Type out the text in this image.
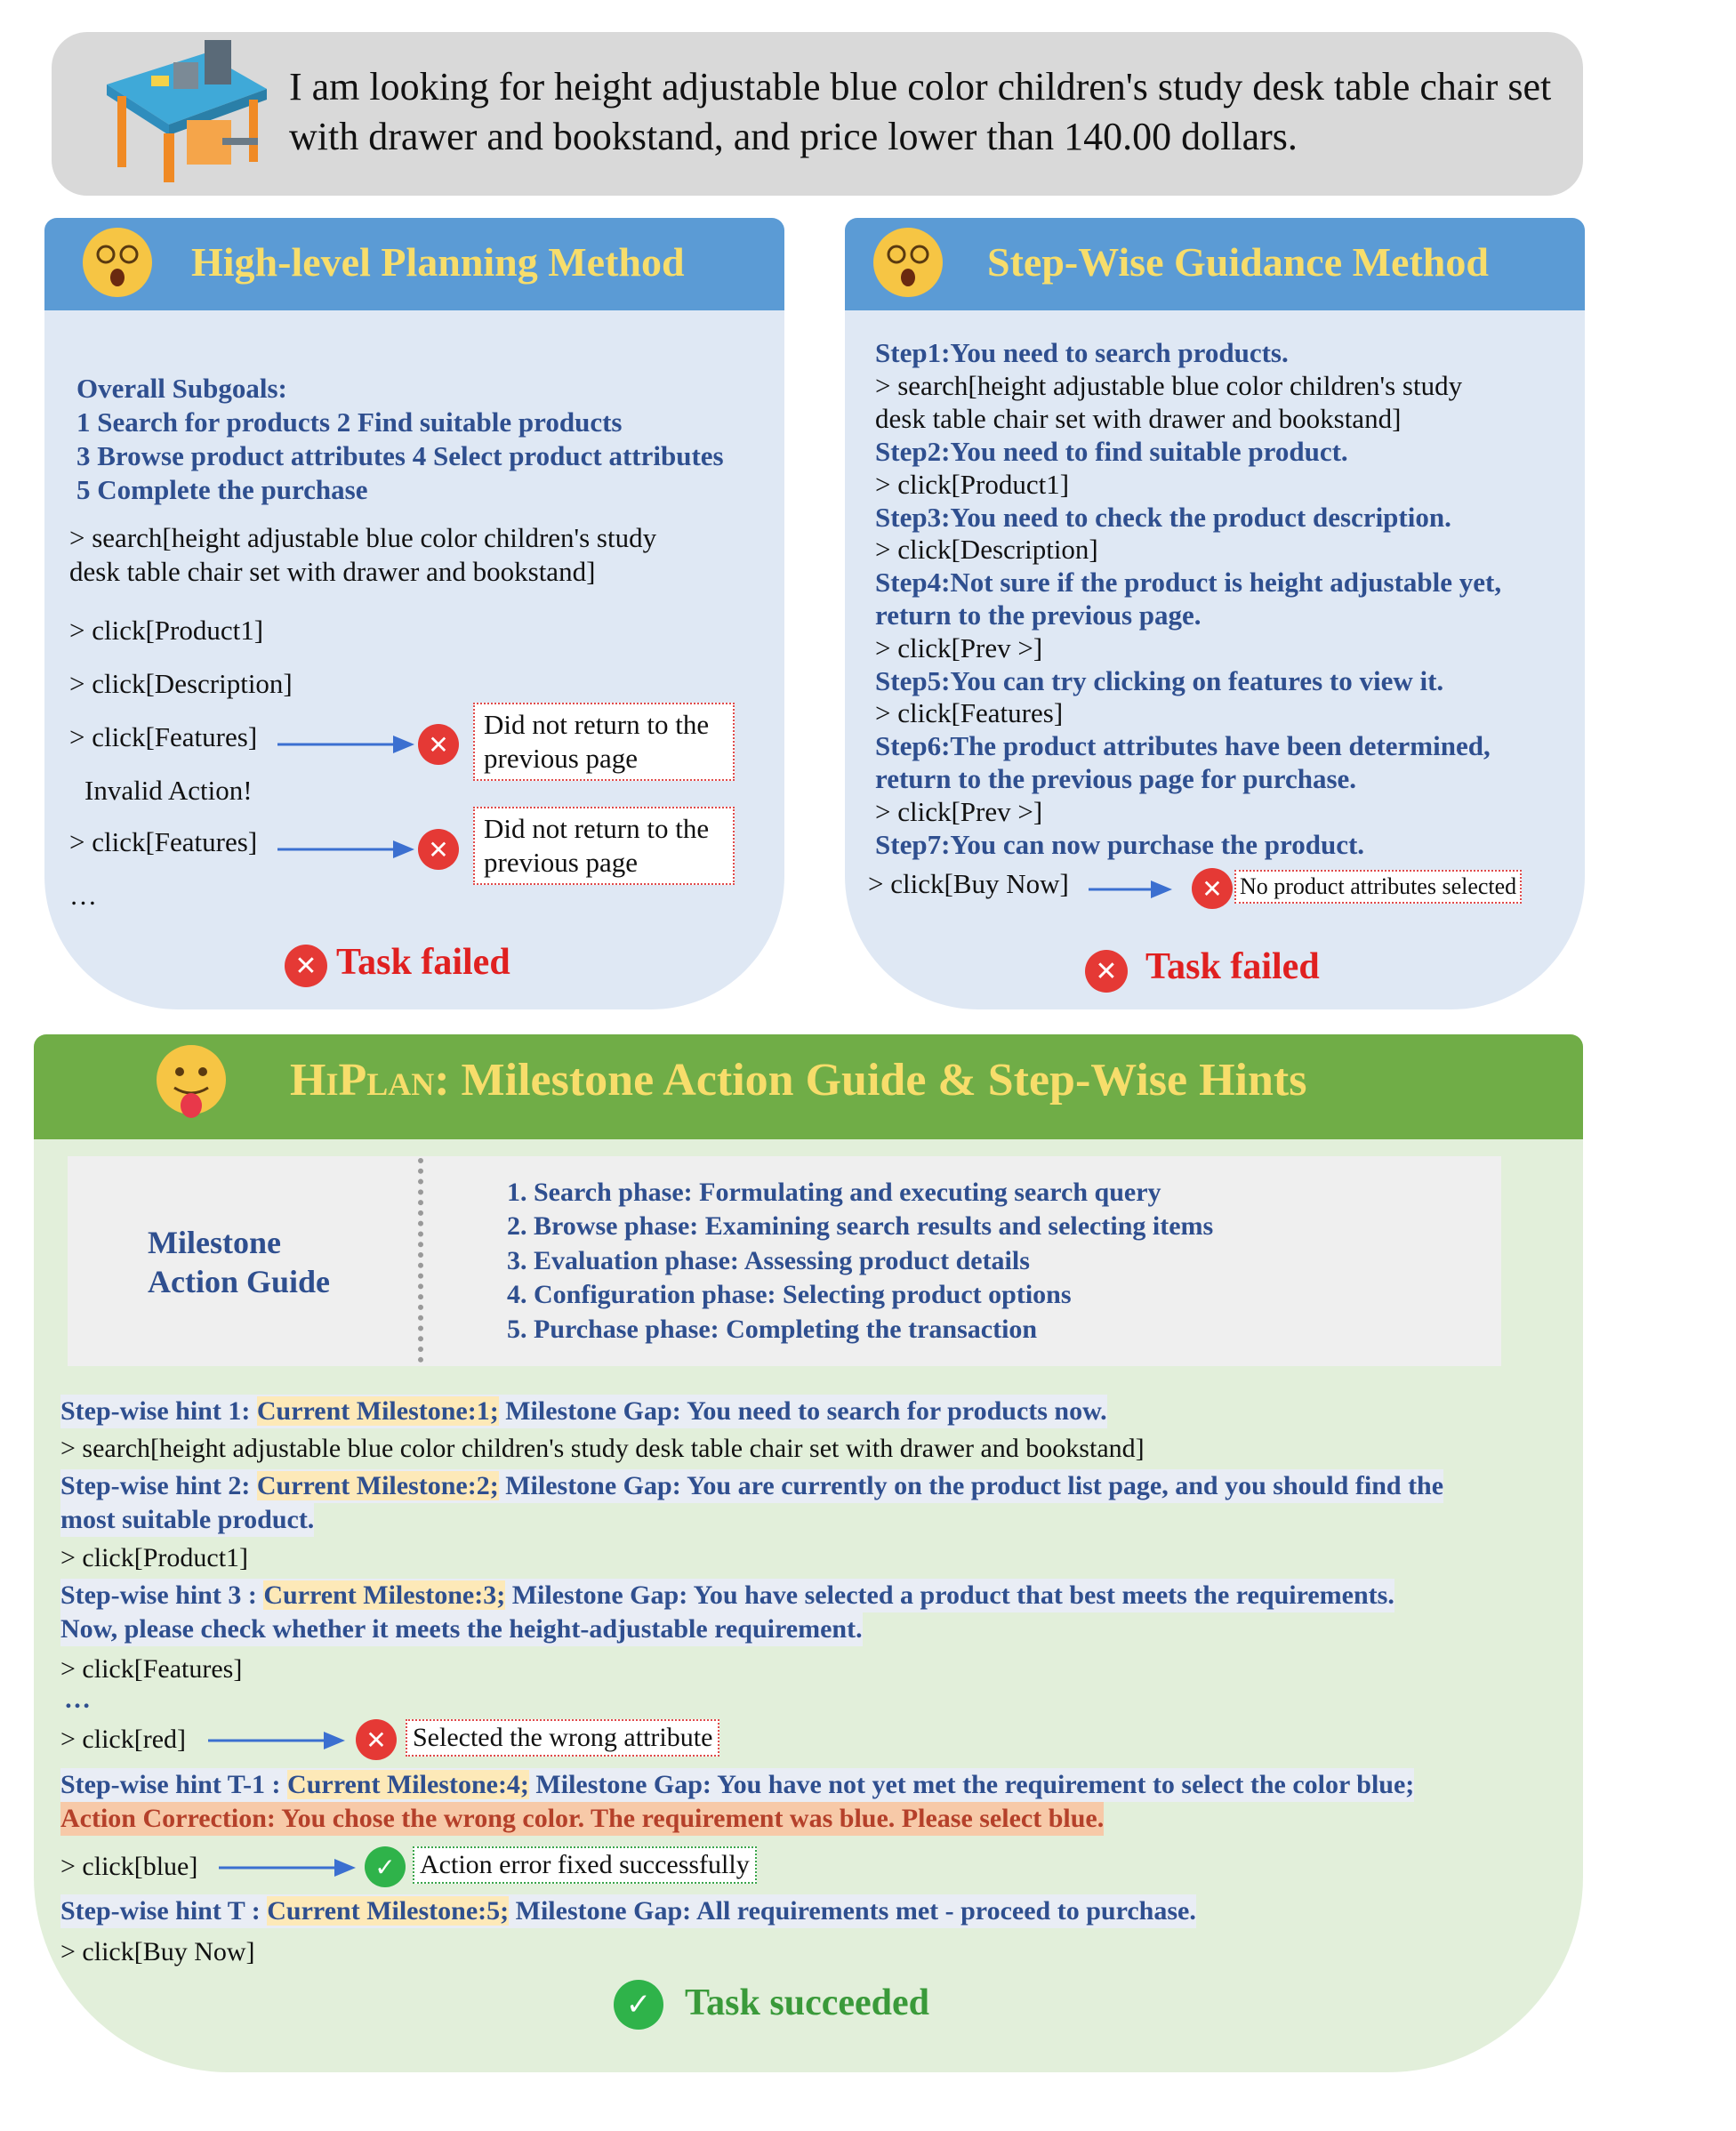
I am looking for height adjustable blue color children's study desk table chair set with drawer and bookstand, and price lower than 140.00 dollars.
High-level Planning Method
Overall Subgoals:
1 Search for products 2 Find suitable products
3 Browse product attributes 4 Select product attributes
5 Complete the purchase
> search[height adjustable blue color children's study
desk table chair set with drawer and bookstand]
> click[Product1]
> click[Description]
> click[Features]
Invalid Action!
> click[Features]
…
✕
Did not return to the
previous page
✕
Did not return to the
previous page
✕ Task failed
Step-Wise Guidance Method
Step1:You need to search products.
> search[height adjustable blue color children's study
desk table chair set with drawer and bookstand]
Step2:You need to find suitable product.
> click[Product1]
Step3:You need to check the product description.
> click[Description]
Step4:Not sure if the product is height adjustable yet,
return to the previous page.
> click[Prev >]
Step5:You can try clicking on features to view it.
> click[Features]
Step6:The product attributes have been determined,
return to the previous page for purchase.
> click[Prev >]
Step7:You can now purchase the product.
> click[Buy Now]	✕ No product attributes selected
✕ Task failed
HiPlan: Milestone Action Guide & Step-Wise Hints
Milestone
Action Guide
1. Search phase: Formulating and executing search query
2. Browse phase: Examining search results and selecting items
3. Evaluation phase: Assessing product details
4. Configuration phase: Selecting product options
5. Purchase phase: Completing the transaction
Step-wise hint 1: Current Milestone:1; Milestone Gap: You need to search for products now.
> search[height adjustable blue color children's study desk table chair set with drawer and bookstand]
Step-wise hint 2: Current Milestone:2; Milestone Gap: You are currently on the product list page, and you should find the
most suitable product.
> click[Product1]
Step-wise hint 3 : Current Milestone:3; Milestone Gap: You have selected a product that best meets the requirements.
Now, please check whether it meets the height-adjustable requirement.
> click[Features]
…
> click[red]	✕ Selected the wrong attribute
Step-wise hint T-1 : Current Milestone:4; Milestone Gap: You have not yet met the requirement to select the color blue;
Action Correction: You chose the wrong color. The requirement was blue. Please select blue.
> click[blue]	✓ Action error fixed successfully
Step-wise hint T : Current Milestone:5; Milestone Gap: All requirements met - proceed to purchase.
> click[Buy Now]
✓ Task succeeded
